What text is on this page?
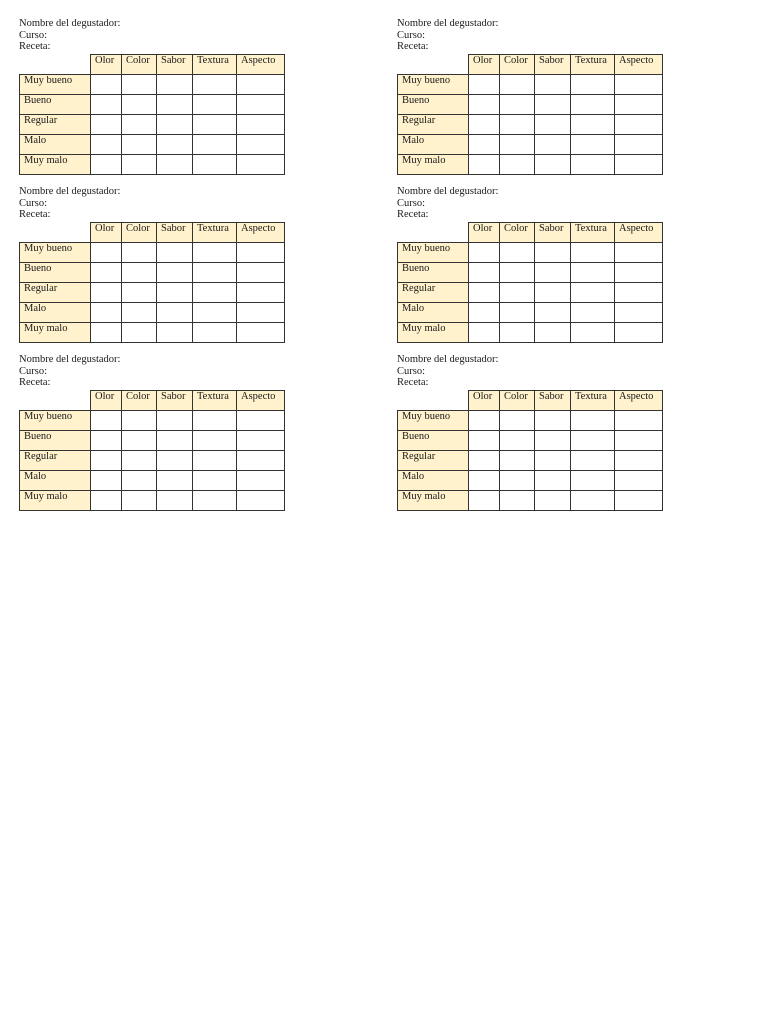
Nombre del degustador:
Curso:
Receta:
	Olor	Color	Sabor	Textura	Aspecto
Muy bueno					
Bueno					
Regular					
Malo					
Muy malo					
Nombre del degustador:
Curso:
Receta:
	Olor	Color	Sabor	Textura	Aspecto
Muy bueno					
Bueno					
Regular					
Malo					
Muy malo					
Nombre del degustador:
Curso:
Receta:
	Olor	Color	Sabor	Textura	Aspecto
Muy bueno					
Bueno					
Regular					
Malo					
Muy malo					
Nombre del degustador:
Curso:
Receta:
	Olor	Color	Sabor	Textura	Aspecto
Muy bueno					
Bueno					
Regular					
Malo					
Muy malo					
Nombre del degustador:
Curso:
Receta:
	Olor	Color	Sabor	Textura	Aspecto
Muy bueno					
Bueno					
Regular					
Malo					
Muy malo					
Nombre del degustador:
Curso:
Receta:
	Olor	Color	Sabor	Textura	Aspecto
Muy bueno					
Bueno					
Regular					
Malo					
Muy malo					
